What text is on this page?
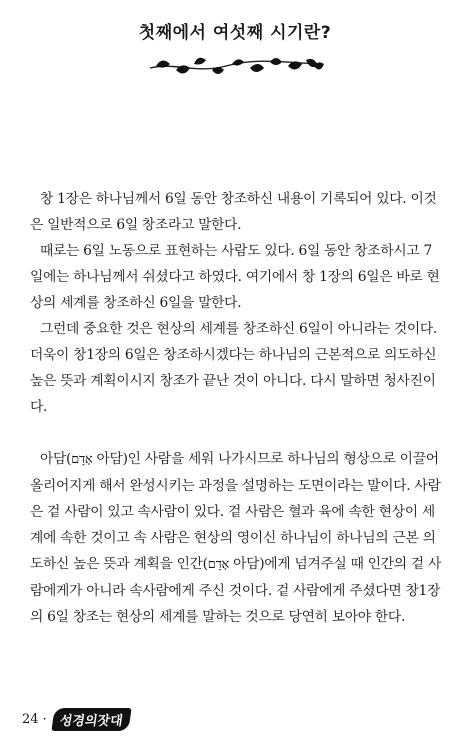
첫째에서 여섯째 시기란?

창 1장은 하나님께서 6일 동안 창조하신 내용이 기록되어 있다. 이것은 일반적으로 6일 창조라고 말한다.

때로는 6일 노동으로 표현하는 사람도 있다. 6일 동안 창조하시고 7일에는 하나님께서 쉬셨다고 하였다. 여기에서 창 1장의 6일은 바로 현상의 세계를 창조하신 6일을 말한다.

그런데 중요한 것은 현상의 세계를 창조하신 6일이 아니라는 것이다. 더욱이 창1장의 6일은 창조하시겠다는 하나님의 근본적으로 의도하신 높은 뜻과 계획이시지 창조가 끝난 것이 아니다. 다시 말하면 청사진이다.

아담(אָדָם 아담)인 사람을 세워 나가시므로 하나님의 형상으로 이끌어 올리어지게 해서 완성시키는 과정을 설명하는 도면이라는 말이다. 사람은 겉 사람이 있고 속사람이 있다. 겉 사람은 혈과 육에 속한 현상이 세계에 속한 것이고 속 사람은 현상의 영이신 하나님이 하나님의 근본 의도하신 높은 뜻과 계획을 인간(אָדָם 아담)에게 넘겨주실 때 인간의 겉 사람에게가 아니라 속사람에게 주신 것이다. 겉 사람에게 주셨다면 창1장의 6일 창조는 현상의 세계를 말하는 것으로 당연히 보아야 한다.

24 · 성경의잣대
